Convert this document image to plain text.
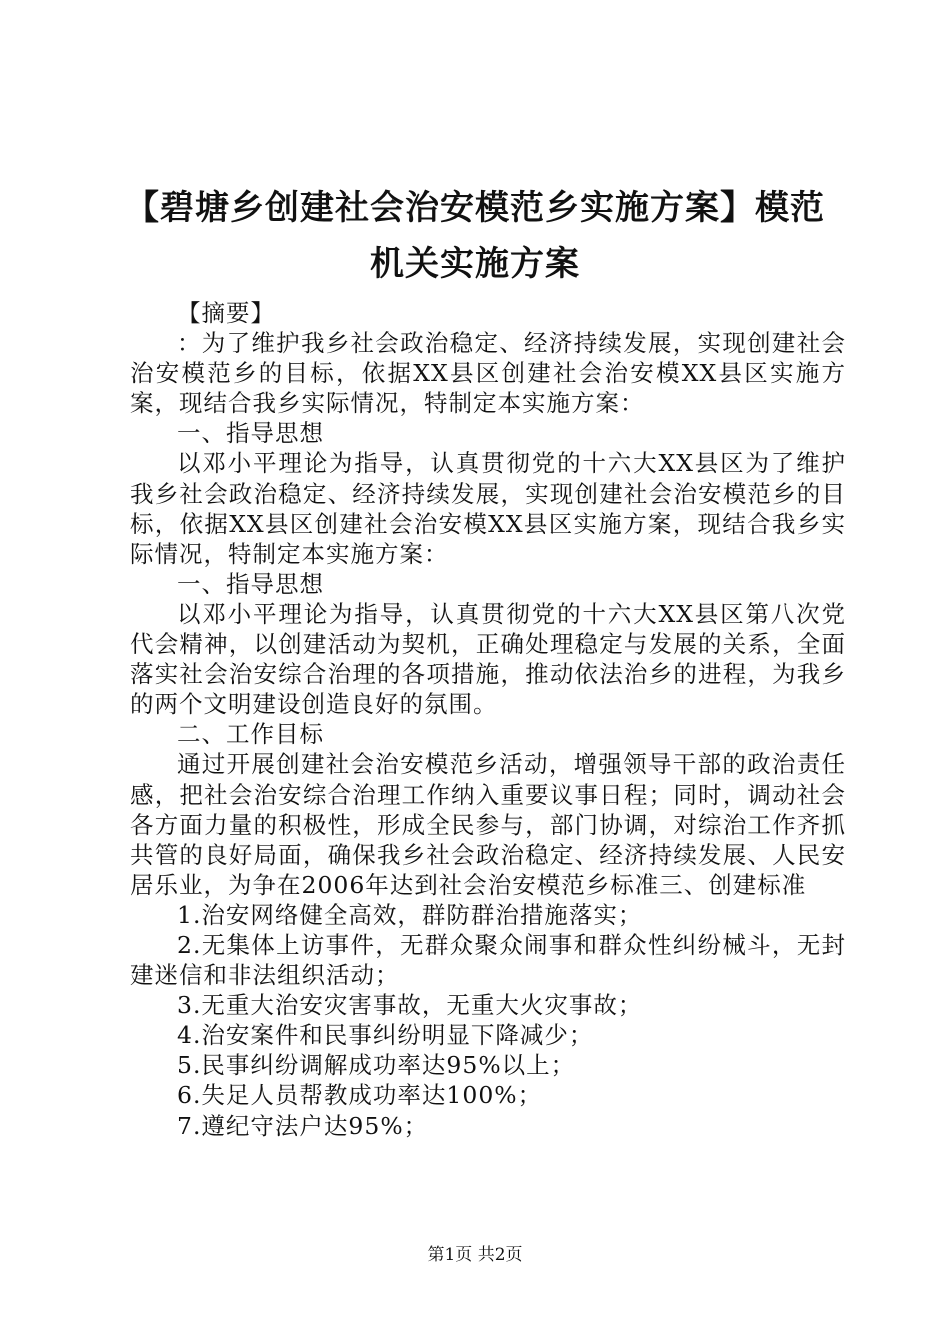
【碧塘乡创建社会治安模范乡实施方案】模范机关实施方案

【摘要】

：为了维护我乡社会政治稳定、经济持续发展，实现创建社会治安模范乡的目标，依据XX县区创建社会治安模XX县区实施方案，现结合我乡实际情况，特制定本实施方案：

一、指导思想

以邓小平理论为指导，认真贯彻党的十六大XX县区为了维护我乡社会政治稳定、经济持续发展，实现创建社会治安模范乡的目标，依据XX县区创建社会治安模XX县区实施方案，现结合我乡实际情况，特制定本实施方案：

一、指导思想

以邓小平理论为指导，认真贯彻党的十六大XX县区第八次党代会精神，以创建活动为契机，正确处理稳定与发展的关系，全面落实社会治安综合治理的各项措施，推动依法治乡的进程，为我乡的两个文明建设创造良好的氛围。

二、工作目标

通过开展创建社会治安模范乡活动，增强领导干部的政治责任感，把社会治安综合治理工作纳入重要议事日程；同时，调动社会各方面力量的积极性，形成全民参与，部门协调，对综治工作齐抓共管的良好局面，确保我乡社会政治稳定、经济持续发展、人民安居乐业，为争在2006年达到社会治安模范乡标准三、创建标准

1.治安网络健全高效，群防群治措施落实；

2.无集体上访事件，无群众聚众闹事和群众性纠纷械斗，无封建迷信和非法组织活动；

3.无重大治安灾害事故，无重大火灾事故；

4.治安案件和民事纠纷明显下降减少；

5.民事纠纷调解成功率达95%以上；

6.失足人员帮教成功率达100%；

7.遵纪守法户达95%；

第1页 共2页
